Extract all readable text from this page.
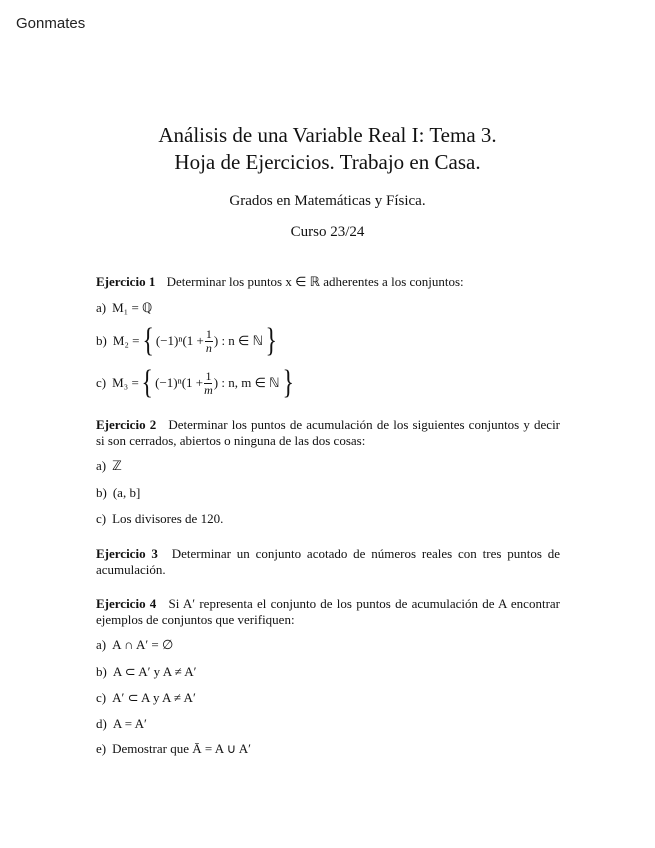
Gonmates
Análisis de una Variable Real I: Tema 3.
Hoja de Ejercicios. Trabajo en Casa.
Grados en Matemáticas y Física.
Curso 23/24
Ejercicio 1 Determinar los puntos x ∈ ℝ adherentes a los conjuntos:
a) M₁ = ℚ
b) M₂ = { $(-1)^n(1 + \frac{1}{n}$ ) : n ∈ ℕ }
c) M₃ = { $(-1)^n(1 + \frac{1}{m}$ ) : n, m ∈ ℕ }
Ejercicio 2 Determinar los puntos de acumulación de los siguientes conjuntos y decir si son cerrados, abiertos o ninguna de las dos cosas:
a) ℤ
b) (a, b]
c) Los divisores de 120.
Ejercicio 3 Determinar un conjunto acotado de números reales con tres puntos de acumulación.
Ejercicio 4 Si A′ representa el conjunto de los puntos de acumulación de A encontrar ejemplos de conjuntos que verifiquen:
a) A ∩ A′ = ∅
b) A ⊂ A′ y A ≠ A′
c) A′ ⊂ A y A ≠ A′
d) A = A′
e) Demostrar que Ā = A ∪ A′
